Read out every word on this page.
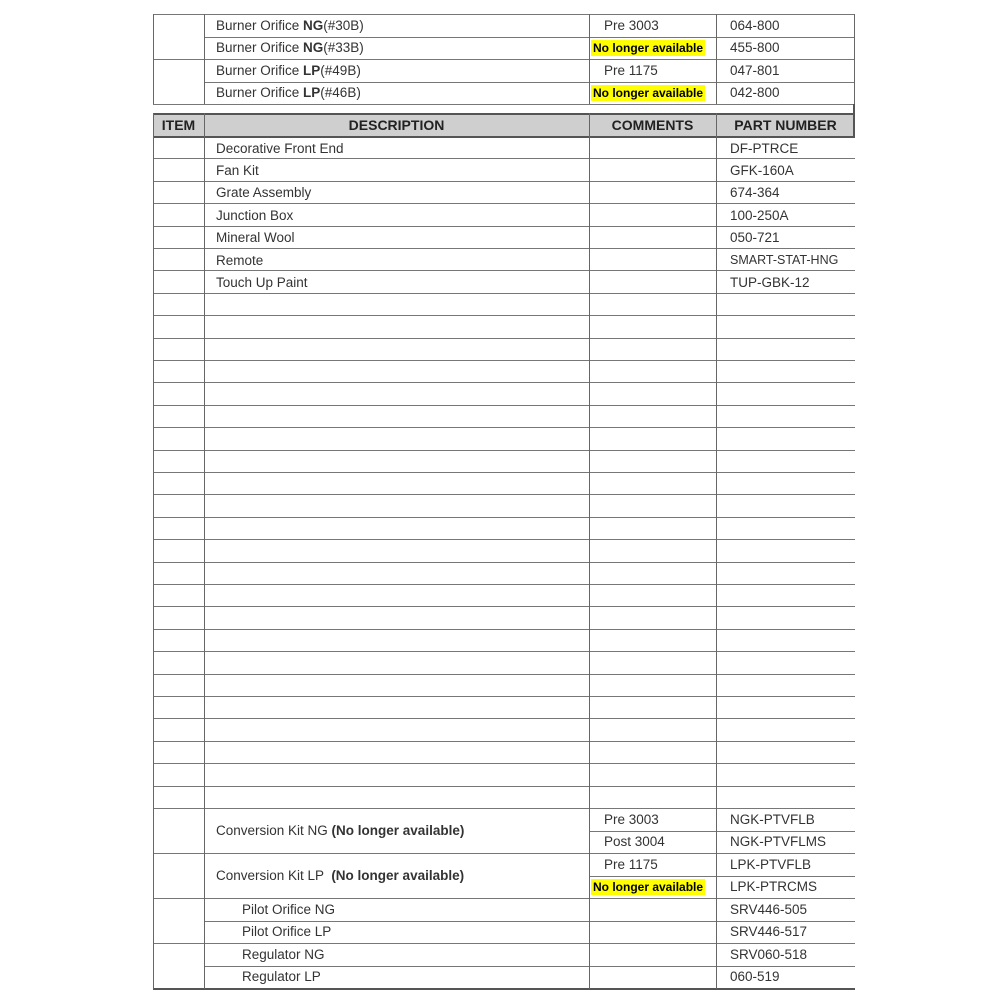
ITEM	DESCRIPTION	COMMENTS	PART NUMBER
Burner Orifice NG (#30B)	Pre 3003	064-800
Burner Orifice NG (#33B)	No longer available	455-800
Burner Orifice LP (#49B)	Pre 1175	047-801
Burner Orifice LP (#46B)	No longer available	042-800
Decorative Front End	DF-PTRCE
Fan Kit	GFK-160A
Grate Assembly	674-364
Junction Box	100-250A
Mineral Wool	050-721
Remote	SMART-STAT-HNG
Touch Up Paint	TUP-GBK-12
Conversion Kit NG (No longer available)
Pre 3003	NGK-PTVFLB
Post 3004	NGK-PTVFLMS
Conversion Kit LP (No longer available)
Pre 1175	LPK-PTVFLB
No longer available	LPK-PTRCMS
Pilot Orifice NG	SRV446-505
Pilot Orifice LP	SRV446-517
Regulator NG	SRV060-518
Regulator LP	060-519
